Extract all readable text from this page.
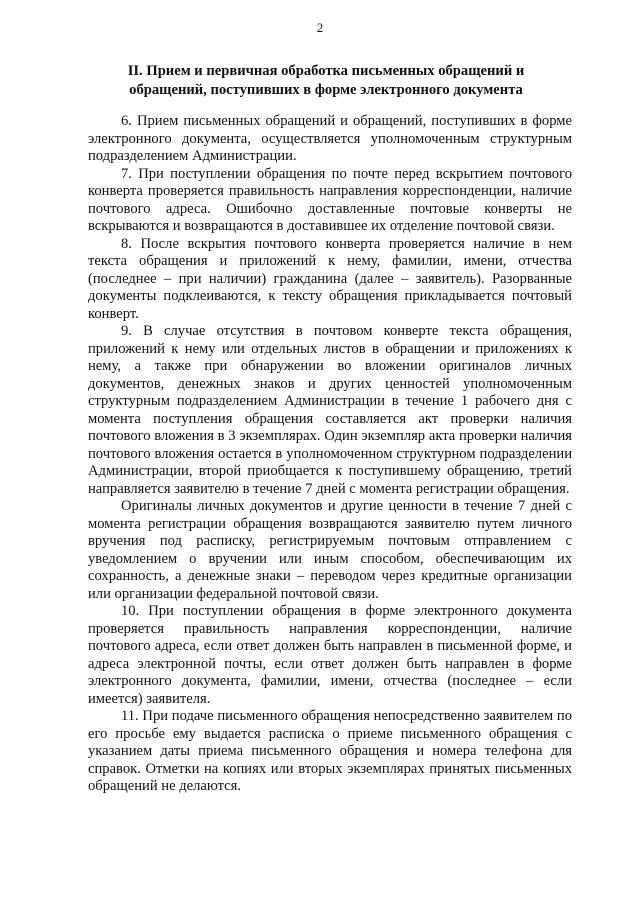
2
II. Прием и первичная обработка письменных обращений и
обращений, поступивших в форме электронного документа

6. Прием письменных обращений и обращений, поступивших в форме электронного документа, осуществляется уполномоченным структурным подразделением Администрации.

7. При поступлении обращения по почте перед вскрытием почтового конверта проверяется правильность направления корреспонденции, наличие почтового адреса. Ошибочно доставленные почтовые конверты не вскрываются и возвращаются в доставившее их отделение почтовой связи.

8. После вскрытия почтового конверта проверяется наличие в нем текста обращения и приложений к нему, фамилии, имени, отчества (последнее – при наличии) гражданина (далее – заявитель). Разорванные документы подклеиваются, к тексту обращения прикладывается почтовый конверт.

9. В случае отсутствия в почтовом конверте текста обращения, приложений к нему или отдельных листов в обращении и приложениях к нему, а также при обнаружении во вложении оригиналов личных документов, денежных знаков и других ценностей уполномоченным структурным подразделением Администрации в течение 1 рабочего дня с момента поступления обращения составляется акт проверки наличия почтового вложения в 3 экземплярах. Один экземпляр акта проверки наличия почтового вложения остается в уполномоченном структурном подразделении Администрации, второй приобщается к поступившему обращению, третий направляется заявителю в течение 7 дней с момента регистрации обращения.

Оригиналы личных документов и другие ценности в течение 7 дней с момента регистрации обращения возвращаются заявителю путем личного вручения под расписку, регистрируемым почтовым отправлением с уведомлением о вручении или иным способом, обеспечивающим их сохранность, а денежные знаки – переводом через кредитные организации или организации федеральной почтовой связи.

10. При поступлении обращения в форме электронного документа проверяется правильность направления корреспонденции, наличие почтового адреса, если ответ должен быть направлен в письменной форме, и адреса электронной почты, если ответ должен быть направлен в форме электронного документа, фамилии, имени, отчества (последнее – если имеется) заявителя.

11. При подаче письменного обращения непосредственно заявителем по его просьбе ему выдается расписка о приеме письменного обращения с указанием даты приема письменного обращения и номера телефона для справок. Отметки на копиях или вторых экземплярах принятых письменных обращений не делаются.
